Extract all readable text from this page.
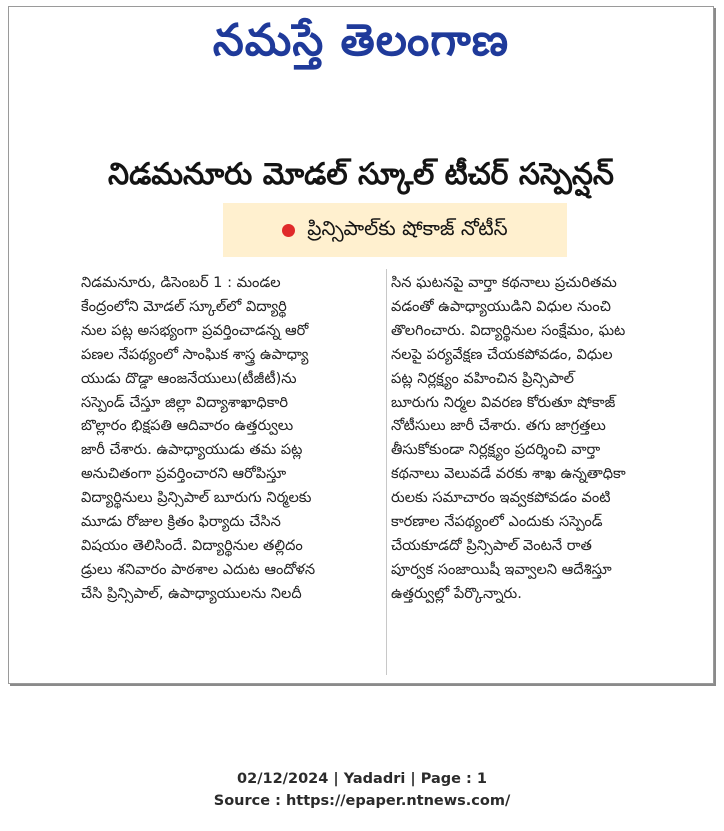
నమస్తే తెలంగాణ
నిడమనూరు మోడల్ స్కూల్ టీచర్ సస్పెన్షన్
ప్రిన్సిపాల్‌కు షోకాజ్ నోటీస్
నిడమనూరు, డిసెంబర్ 1 : మండల
కేంద్రంలోని మోడల్ స్కూల్‌లో విద్యార్థి
నుల పట్ల అసభ్యంగా ప్రవర్తించాడన్న ఆరో
పణల నేపథ్యంలో సాంఘిక శాస్త్ర ఉపాధ్యా
యుడు దొడ్డా ఆంజనేయులు(టీజీటీ)ను
సస్పెండ్ చేస్తూ జిల్లా విద్యాశాఖాధికారి
బొల్లారం భిక్షపతి ఆదివారం ఉత్తర్వులు
జారీ చేశారు. ఉపాధ్యాయుడు తమ పట్ల
అనుచితంగా ప్రవర్తించారని ఆరోపిస్తూ
విద్యార్థినులు ప్రిన్సిపాల్ బూరుగు నిర్మలకు
మూడు రోజుల క్రితం ఫిర్యాదు చేసిన
విషయం తెలిసిందే. విద్యార్థినుల తల్లిదం
డ్రులు శనివారం పాఠశాల ఎదుట ఆందోళన
చేసి ప్రిన్సిపాల్, ఉపాధ్యాయులను నిలదీ
సిన ఘటనపై వార్తా కథనాలు ప్రచురితమ
వడంతో ఉపాధ్యాయుడిని విధుల నుంచి
తొలగించారు. విద్యార్థినుల సంక్షేమం, ఘట
నలపై పర్యవేక్షణ చేయకపోవడం, విధుల
పట్ల నిర్లక్ష్యం వహించిన ప్రిన్సిపాల్
బూరుగు నిర్మల వివరణ కోరుతూ షోకాజ్
నోటీసులు జారీ చేశారు. తగు జాగ్రత్తలు
తీసుకోకుండా నిర్లక్ష్యం ప్రదర్శించి వార్తా
కథనాలు వెలువడే వరకు శాఖ ఉన్నతాధికా
రులకు సమాచారం ఇవ్వకపోవడం వంటి
కారణాల నేపథ్యంలో ఎందుకు సస్పెండ్
చేయకూడదో ప్రిన్సిపాల్ వెంటనే రాత
పూర్వక సంజాయిషీ ఇవ్వాలని ఆదేశిస్తూ
ఉత్తర్వుల్లో పేర్కొన్నారు.
02/12/2024 | Yadadri | Page : 1
Source : https://epaper.ntnews.com/
